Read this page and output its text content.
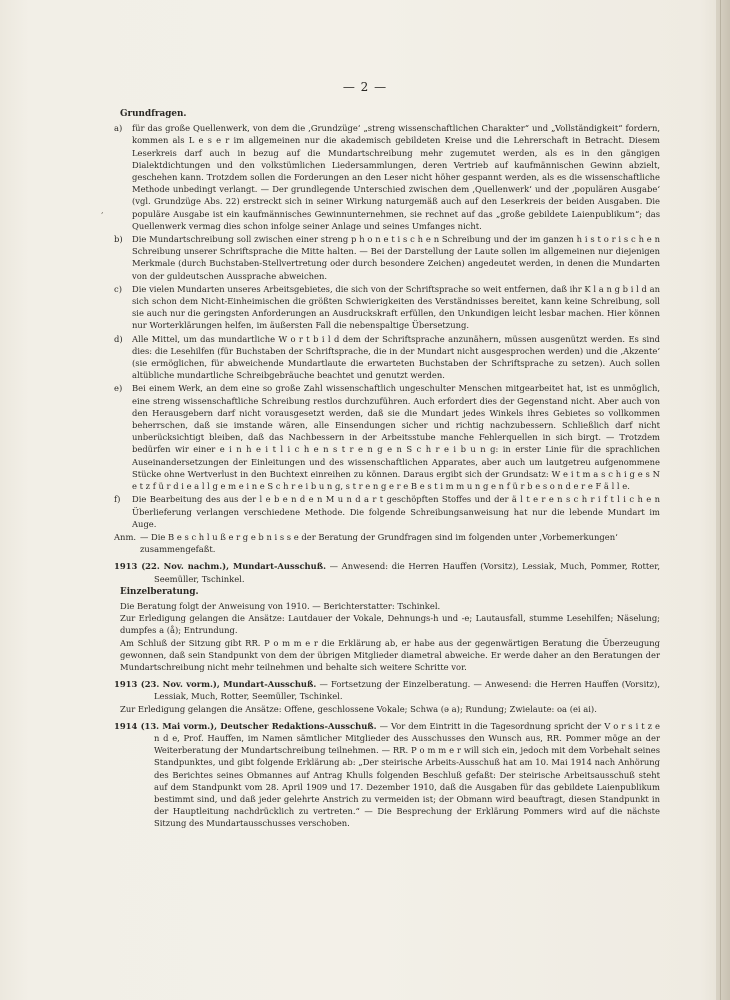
— 2 —
,
Grundfragen.
a)	für das große Quellenwerk, von dem die ‚Grundzüge‘ „streng wissenschaftlichen Charakter“ und „Vollständigkeit“ fordern, kommen als L e s e r im allgemeinen nur die akademisch gebildeten Kreise und die Lehrerschaft in Betracht. Diesem Leserkreis darf auch in bezug auf die Mundartschreibung mehr zugemutet werden, als es in den gängigen Dialektdichtungen und den volkstümlichen Liedersammlungen, deren Vertrieb auf kaufmännischen Gewinn abzielt, geschehen kann. Trotzdem sollen die Forderungen an den Leser nicht höher gespannt werden, als es die wissenschaftliche Methode unbedingt verlangt. — Der grundlegende Unterschied zwischen dem ‚Quellenwerk‘ und der ‚populären Ausgabe‘ (vgl. Grundzüge Abs. 22) erstreckt sich in seiner Wirkung naturgemäß auch auf den Leserkreis der beiden Ausgaben. Die populäre Ausgabe ist ein kaufmännisches Gewinnunternehmen, sie rechnet auf das „große gebildete Laienpublikum“; das Quellenwerk vermag dies schon infolge seiner Anlage und seines Umfanges nicht.
b)	Die Mundartschreibung soll zwischen einer streng p h o n e t i s c h e n Schreibung und der im ganzen h i s t o r i s c h e n Schreibung unserer Schriftsprache die Mitte halten. — Bei der Darstellung der Laute sollen im allgemeinen nur diejenigen Merkmale (durch Buchstaben-Stellvertretung oder durch besondere Zeichen) angedeutet werden, in denen die Mundarten von der guldeutschen Aussprache abweichen.
c)	Die vielen Mundarten unseres Arbeitsgebietes, die sich von der Schriftsprache so weit entfernen, daß ihr K l a n g b i l d an sich schon dem Nicht-Einheimischen die größten Schwierigkeiten des Verständnisses bereitet, kann keine Schreibung, soll sie auch nur die geringsten Anforderungen an Ausdruckskraft erfüllen, den Unkundigen leicht lesbar machen. Hier können nur Worterklärungen helfen, im äußersten Fall die nebenspaltige Übersetzung.
d)	Alle Mittel, um das mundartliche W o r t b i l d dem der Schriftsprache anzunähern, müssen ausgenützt werden. Es sind dies: die Lesehilfen (für Buchstaben der Schriftsprache, die in der Mundart nicht ausgesprochen werden) und die ‚Akzente‘ (sie ermöglichen, für abweichende Mundartlaute die erwarteten Buchstaben der Schriftsprache zu setzen). Auch sollen altübliche mundartliche Schreibgebräuche beachtet und genutzt werden.
e)	Bei einem Werk, an dem eine so große Zahl wissenschaftlich ungeschulter Menschen mitgearbeitet hat, ist es unmöglich, eine streng wissenschaftliche Schreibung restlos durchzuführen. Auch erfordert dies der Gegenstand nicht. Aber auch von den Herausgebern darf nicht vorausgesetzt werden, daß sie die Mundart jedes Winkels ihres Gebietes so vollkommen beherrschen, daß sie imstande wären, alle Einsendungen sicher und richtig nachzubessern. Schließlich darf nicht unberücksichtigt bleiben, daß das Nachbessern in der Arbeitsstube manche Fehlerquellen in sich birgt. — Trotzdem bedürfen wir einer e i n h e i t l i c h e n s t r e n g e n S c h r e i b u n g: in erster Linie für die sprachlichen Auseinandersetzungen der Einleitungen und des wissenschaftlichen Apparates, aber auch um lautgetreu aufgenommene Stücke ohne Wertverlust in den Buchtext einreihen zu können. Daraus ergibt sich der Grundsatz: W e i t m a s c h i g e s N e t z f ü r d i e a l l g e m e i n e S c h r e i b u n g, s t r e n g e r e B e s t i m m u n g e n f ü r b e s o n d e r e F ä l l e.
f)	Die Bearbeitung des aus der l e b e n d e n M u n d a r t geschöpften Stoffes und der ä l t e r e n s c h r i f t l i c h e n Überlieferung verlangen verschiedene Methode. Die folgende Schreibungsanweisung hat nur die lebende Mundart im Auge.
Anm. — Die B e s c h l u ß e r g e b n i s s e der Beratung der Grundfragen sind im folgenden unter ‚Vorbemerkungen‘ zusammengefaßt.
1913 (22. Nov. nachm.), Mundart-Ausschuß. — Anwesend: die Herren Hauffen (Vorsitz), Lessiak, Much, Pommer, Rotter, Seemüller, Tschinkel.
Einzelberatung.
Die Beratung folgt der Anweisung von 1910. — Berichterstatter: Tschinkel.
Zur Erledigung gelangen die Ansätze: Lautdauer der Vokale, Dehnungs-h und -e; Lautausfall, stumme Lesehilfen; Näselung; dumpfes a (å); Entrundung.
Am Schluß der Sitzung gibt RR. P o m m e r die Erklärung ab, er habe aus der gegenwärtigen Beratung die Überzeugung gewonnen, daß sein Standpunkt von dem der übrigen Mitglieder diametral abweiche. Er werde daher an den Beratungen der Mundartschreibung nicht mehr teilnehmen und behalte sich weitere Schritte vor.
1913 (23. Nov. vorm.), Mundart-Ausschuß. — Fortsetzung der Einzelberatung. — Anwesend: die Herren Hauffen (Vorsitz), Lessiak, Much, Rotter, Seemüller, Tschinkel.
Zur Erledigung gelangen die Ansätze: Offene, geschlossene Vokale; Schwa (ə a); Rundung; Zwielaute: oa (ei ai).
1914 (13. Mai vorm.), Deutscher Redaktions-Ausschuß. — Vor dem Eintritt in die Tagesordnung spricht der V o r s i t z e n d e, Prof. Hauffen, im Namen sämtlicher Mitglieder des Ausschusses den Wunsch aus, RR. Pommer möge an der Weiterberatung der Mundartschreibung teilnehmen. — RR. P o m m e r will sich ein, jedoch mit dem Vorbehalt seines Standpunktes, und gibt folgende Erklärung ab: „Der steirische Arbeits-Ausschuß hat am 10. Mai 1914 nach Anhörung des Berichtes seines Obmannes auf Antrag Khulls folgenden Beschluß gefaßt: Der steirische Arbeitsausschuß steht auf dem Standpunkt vom 28. April 1909 und 17. Dezember 1910, daß die Ausgaben für das gebildete Laienpublikum bestimmt sind, und daß jeder gelehrte Anstrich zu vermeiden ist; der Obmann wird beauftragt, diesen Standpunkt in der Hauptleitung nachdrücklich zu vertreten.“ — Die Besprechung der Erklärung Pommers wird auf die nächste Sitzung des Mundartausschusses verschoben.
